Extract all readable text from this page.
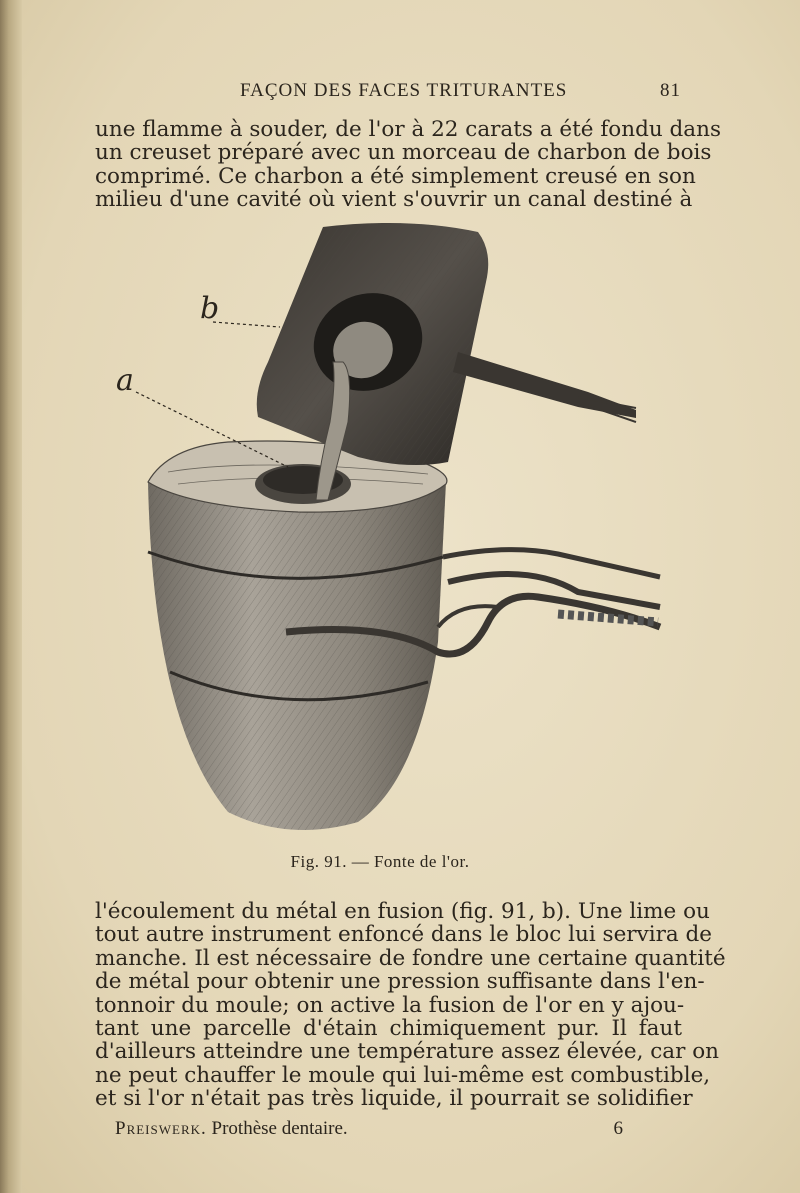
FAÇON DES FACES TRITURANTES	81
une flamme à souder, de l'or à 22 carats a été fondu dans
un creuset préparé avec un morceau de charbon de bois
comprimé. Ce charbon a été simplement creusé en son
milieu d'une cavité où vient s'ouvrir un canal destiné à
b
a
Fig. 91. — Fonte de l'or.
l'écoulement du métal en fusion (fig. 91, b). Une lime ou
tout autre instrument enfoncé dans le bloc lui servira de
manche. Il est nécessaire de fondre une certaine quantité
de métal pour obtenir une pression suffisante dans l'en-
tonnoir du moule; on active la fusion de l'or en y ajou-
tant une parcelle d'étain chimiquement pur. Il faut
d'ailleurs atteindre une température assez élevée, car on
ne peut chauffer le moule qui lui-même est combustible,
et si l'or n'était pas très liquide, il pourrait se solidifier
Preiswerk. Prothèse dentaire.	6
